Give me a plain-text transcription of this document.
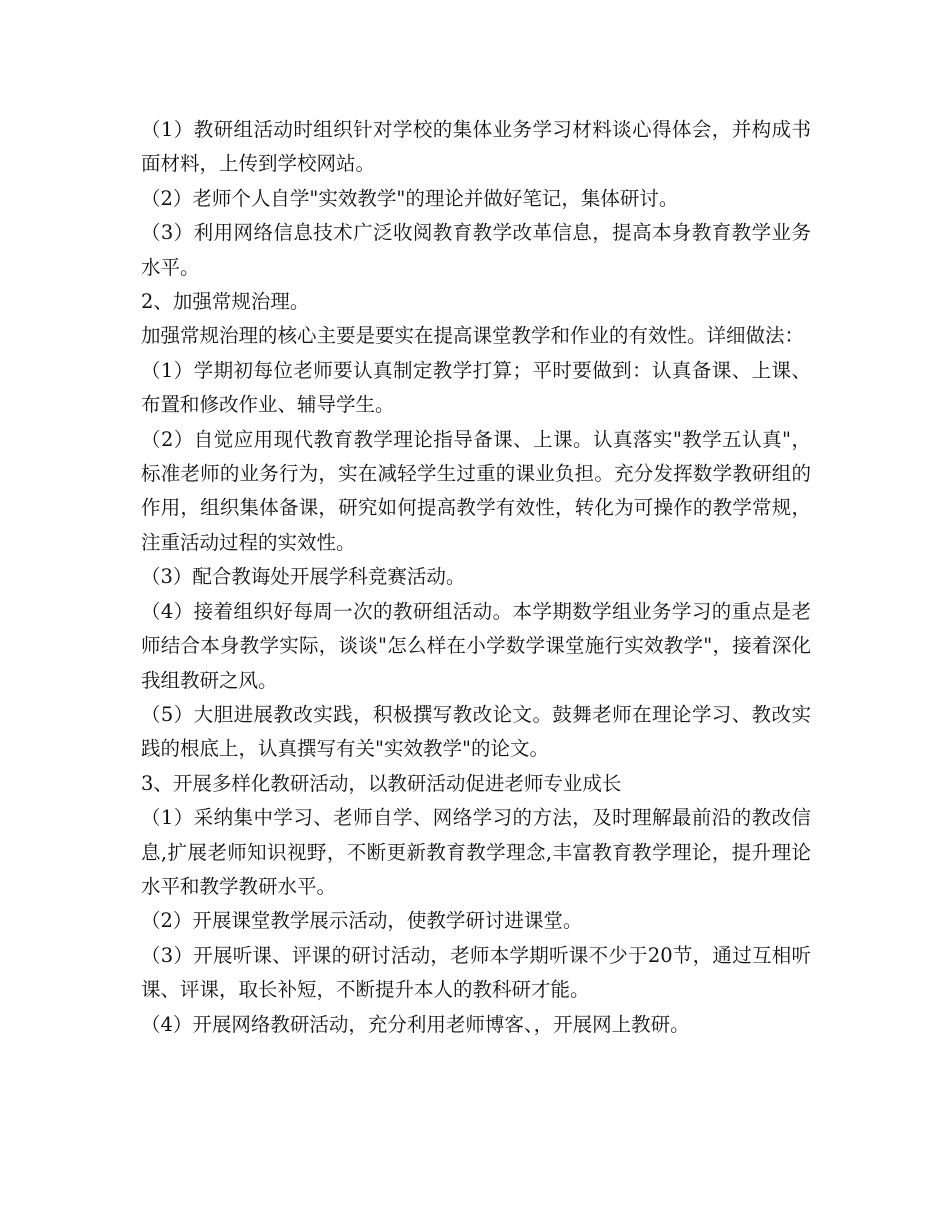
（1）教研组活动时组织针对学校的集体业务学习材料谈心得体会，并构成书面材料，上传到学校网站。

（2）老师个人自学"实效教学"的理论并做好笔记，集体研讨。

（3）利用网络信息技术广泛收阅教育教学改革信息，提高本身教育教学业务水平。

2、加强常规治理。

加强常规治理的核心主要是要实在提高课堂教学和作业的有效性。详细做法：

（1）学期初每位老师要认真制定教学打算；平时要做到：认真备课、上课、布置和修改作业、辅导学生。

（2）自觉应用现代教育教学理论指导备课、上课。认真落实"教学五认真"，标准老师的业务行为，实在减轻学生过重的课业负担。充分发挥数学教研组的作用，组织集体备课，研究如何提高教学有效性，转化为可操作的教学常规，注重活动过程的实效性。

（3）配合教诲处开展学科竞赛活动。

（4）接着组织好每周一次的教研组活动。本学期数学组业务学习的重点是老师结合本身教学实际，谈谈"怎么样在小学数学课堂施行实效教学"，接着深化我组教研之风。

（5）大胆进展教改实践，积极撰写教改论文。鼓舞老师在理论学习、教改实践的根底上，认真撰写有关"实效教学"的论文。

3、开展多样化教研活动，以教研活动促进老师专业成长

（1）采纳集中学习、老师自学、网络学习的方法，及时理解最前沿的教改信息,扩展老师知识视野，不断更新教育教学理念,丰富教育教学理论，提升理论水平和教学教研水平。

（2）开展课堂教学展示活动，使教学研讨进课堂。

（3）开展听课、评课的研讨活动，老师本学期听课不少于20节，通过互相听课、评课，取长补短，不断提升本人的教科研才能。

（4）开展网络教研活动，充分利用老师博客、，开展网上教研。
